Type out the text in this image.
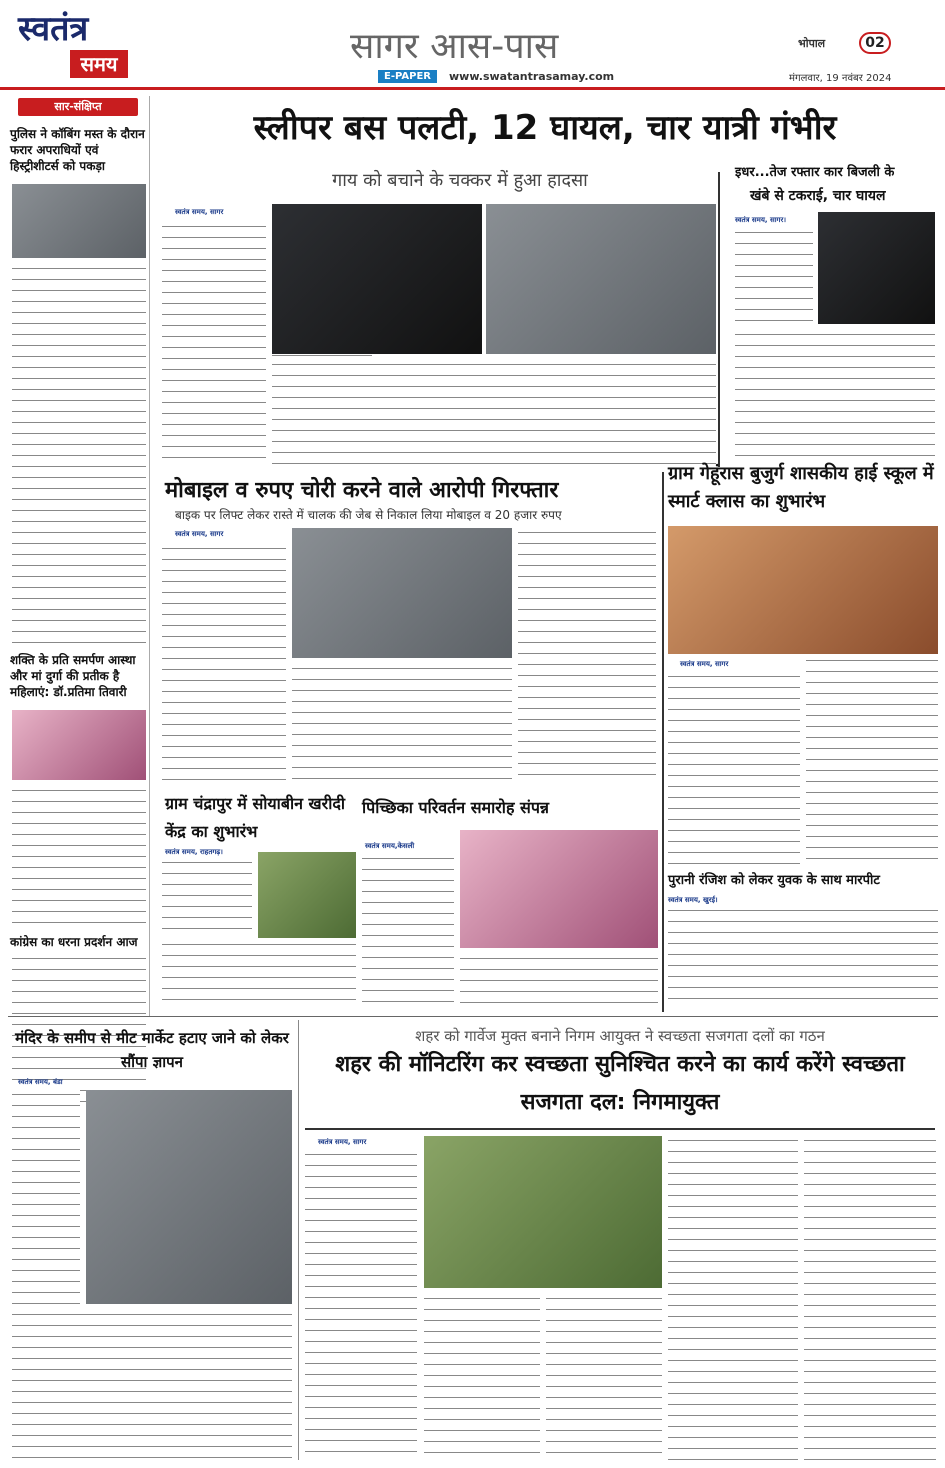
स्वतंत्र
समय	सागर आस-पास
E-PAPER	www.swatantrasamay.com
भोपाल	02
मंगलवार, 19 नवंबर 2024
सार-संक्षिप्त
पुलिस ने कॉबिंग मस्त के दौरान फरार अपराधियों एवं हिस्ट्रीशीटर्स को पकड़ा
शक्ति के प्रति समर्पण आस्था और मां दुर्गा की प्रतीक है महिलाएं: डॉ.प्रतिमा तिवारी
कांग्रेस का धरना प्रदर्शन आज
स्लीपर बस पलटी, 12 घायल, चार यात्री गंभीर
गाय को बचाने के चक्कर में हुआ हादसा
स्वतंत्र समय, सागर
इधर...तेज रफ्तार कार बिजली के
खंबे से टकराई, चार घायल
स्वतंत्र समय, सागर।
मोबाइल व रुपए चोरी करने वाले आरोपी गिरफ्तार
बाइक पर लिफ्ट लेकर रास्ते में चालक की जेब से निकाल लिया मोबाइल व 20 हजार रुपए
स्वतंत्र समय, सागर
ग्राम गेहूंरास बुजुर्ग शासकीय हाई स्कूल में स्मार्ट क्लास का शुभारंभ
स्वतंत्र समय, सागर
ग्राम चंद्रापुर में सोयाबीन खरीदी केंद्र का शुभारंभ
स्वतंत्र समय, राहतगढ़।
पिच्छिका परिवर्तन समारोह संपन्न
स्वतंत्र समय,केसली
पुरानी रंजिश को लेकर युवक के साथ मारपीट
स्वतंत्र समय, खुरई।
मंदिर के समीप से मीट मार्केट हटाए जाने को लेकर सौंपा ज्ञापन
स्वतंत्र समय, बंडा
शहर को गार्वेज मुक्त बनाने निगम आयुक्त ने स्वच्छता सजगता दलों का गठन
शहर की मॉनिटरिंग कर स्वच्छता सुनिश्चित करने का कार्य करेंगे स्वच्छता सजगता दल: निगमायुक्त
स्वतंत्र समय, सागर
